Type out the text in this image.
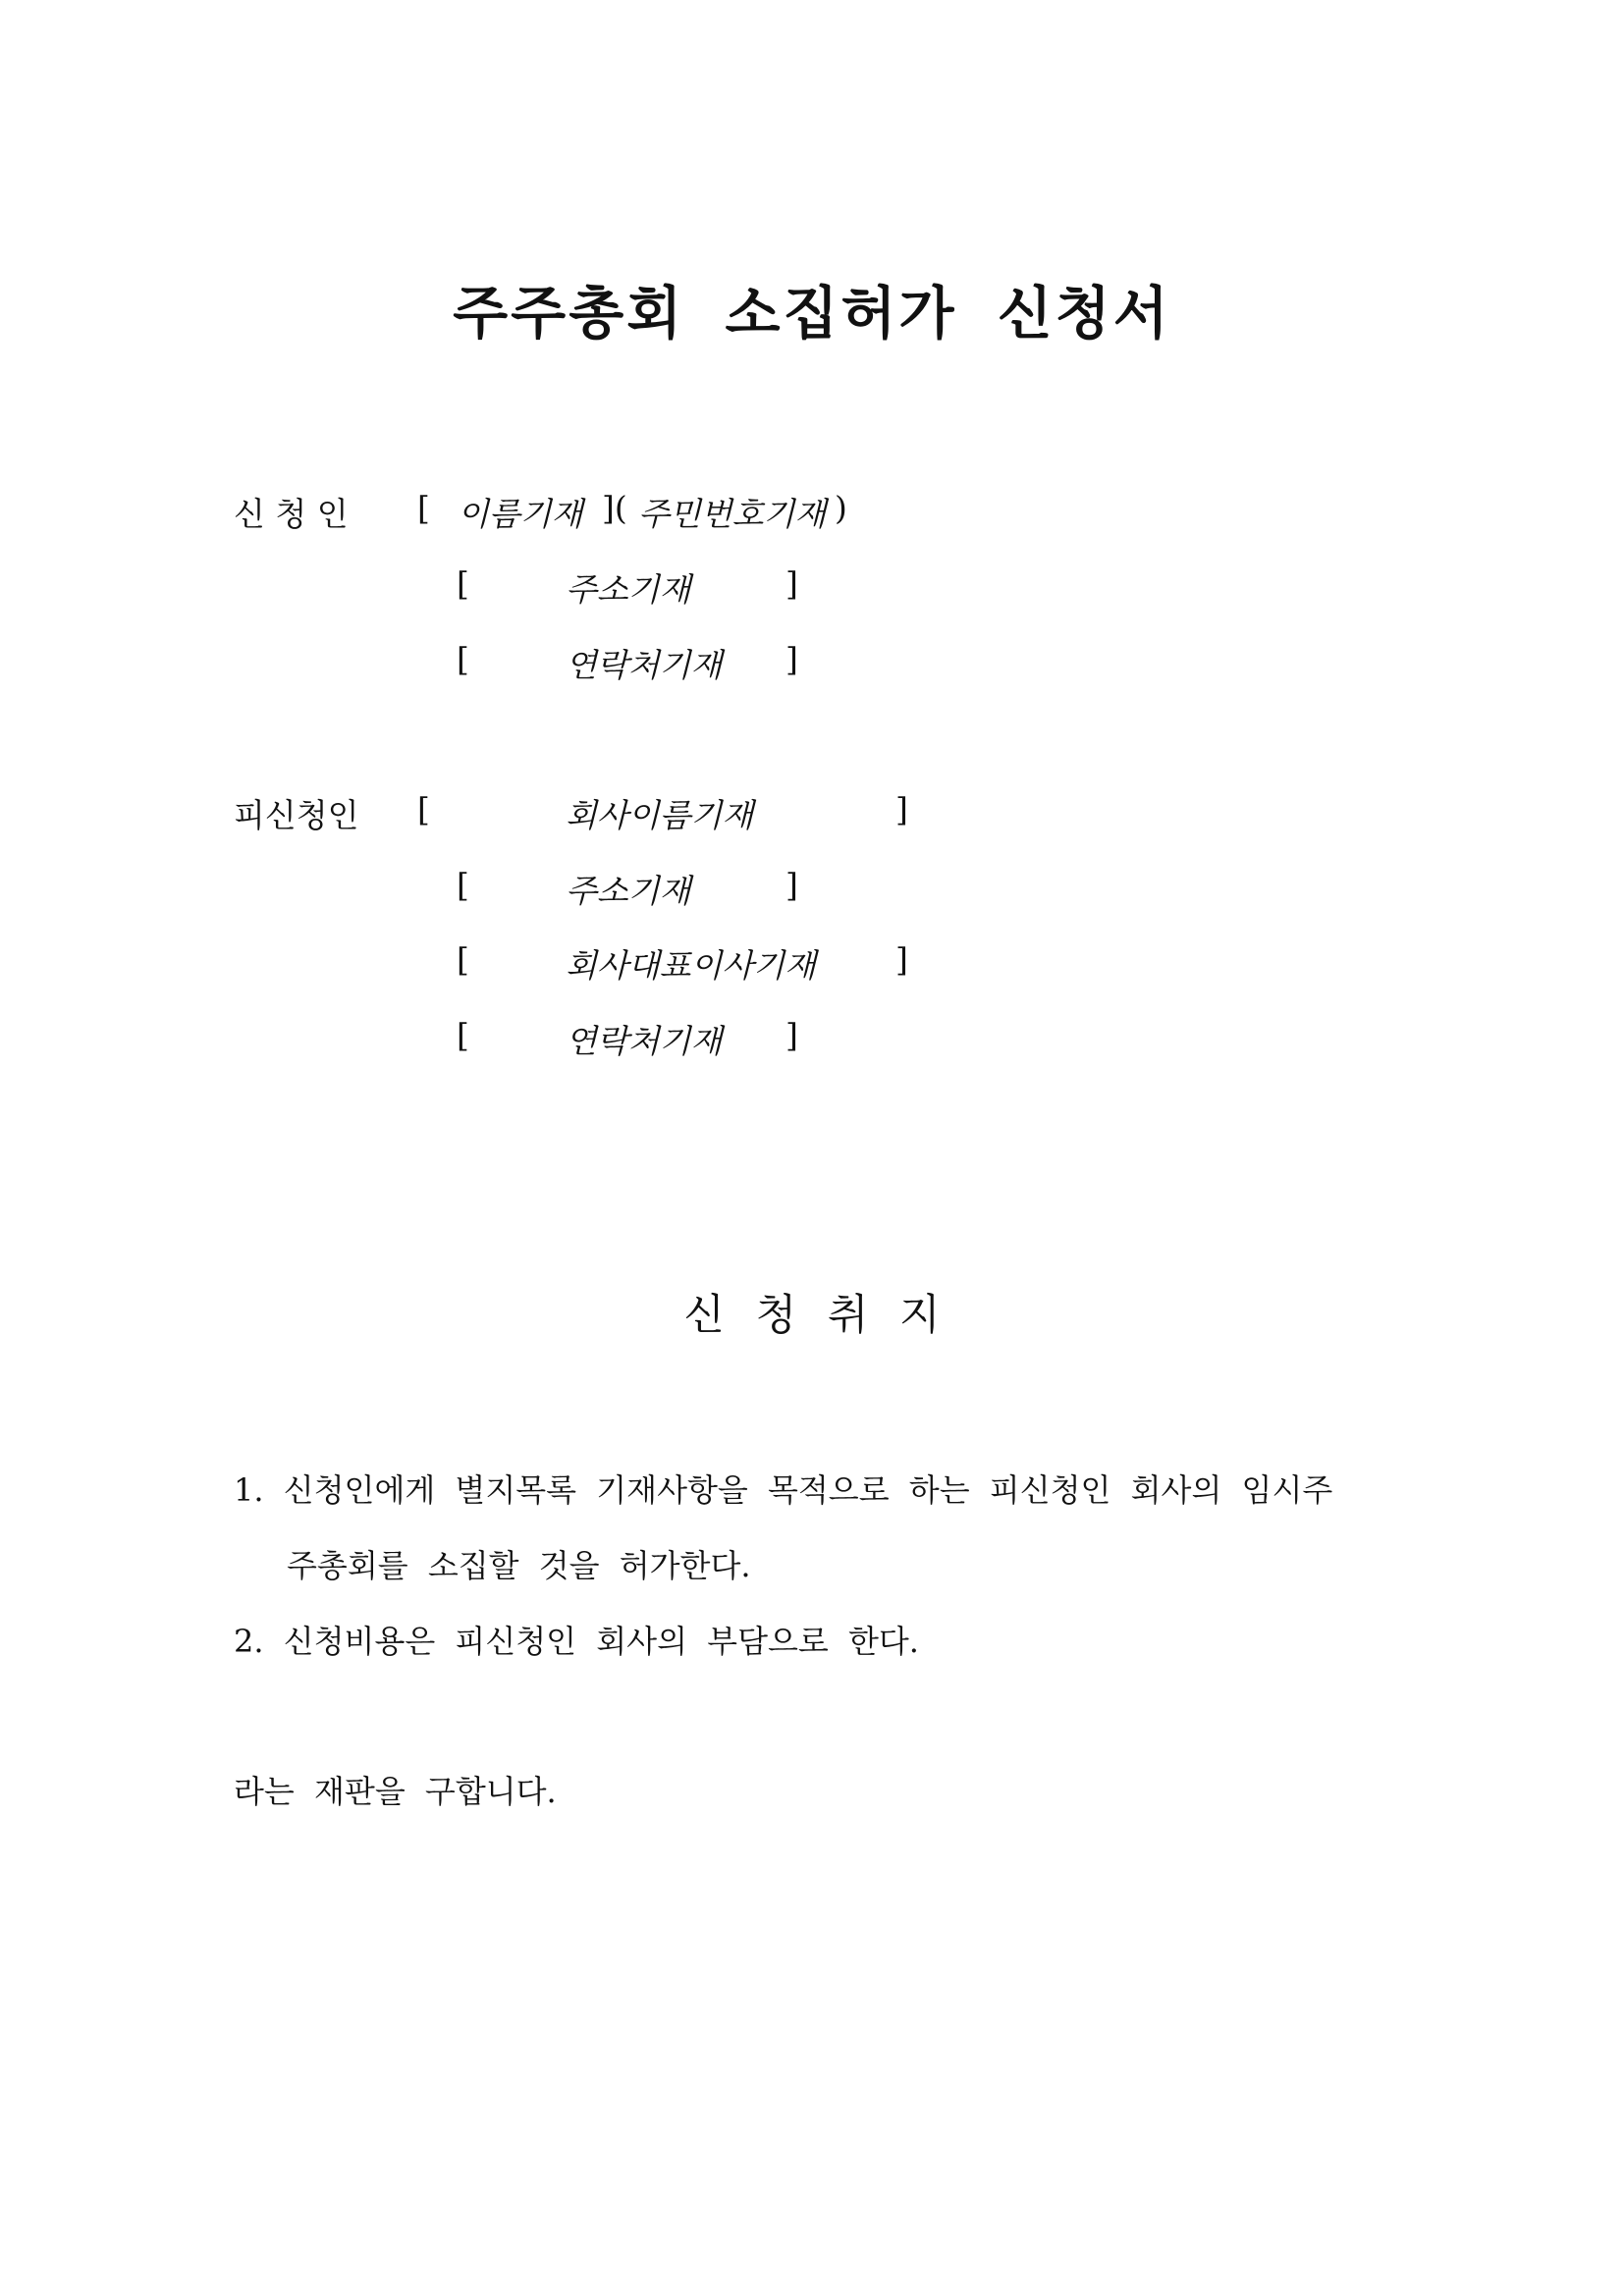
주주총회 소집허가 신청서
신 청 인 [ 이름기재 ]( 주민번호기재 )
[	주소기재	]
[	연락처기재 ]
피신청인 [	회사이름기재	]
[	주소기재	]
[	회사대표이사기재 ]
[	연락처기재 ]
신 청 취 지
1. 신청인에게 별지목록 기재사항을 목적으로 하는 피신청인 회사의 임시주
주총회를 소집할 것을 허가한다.
2. 신청비용은 피신청인 회사의 부담으로 한다.
라는 재판을 구합니다.
